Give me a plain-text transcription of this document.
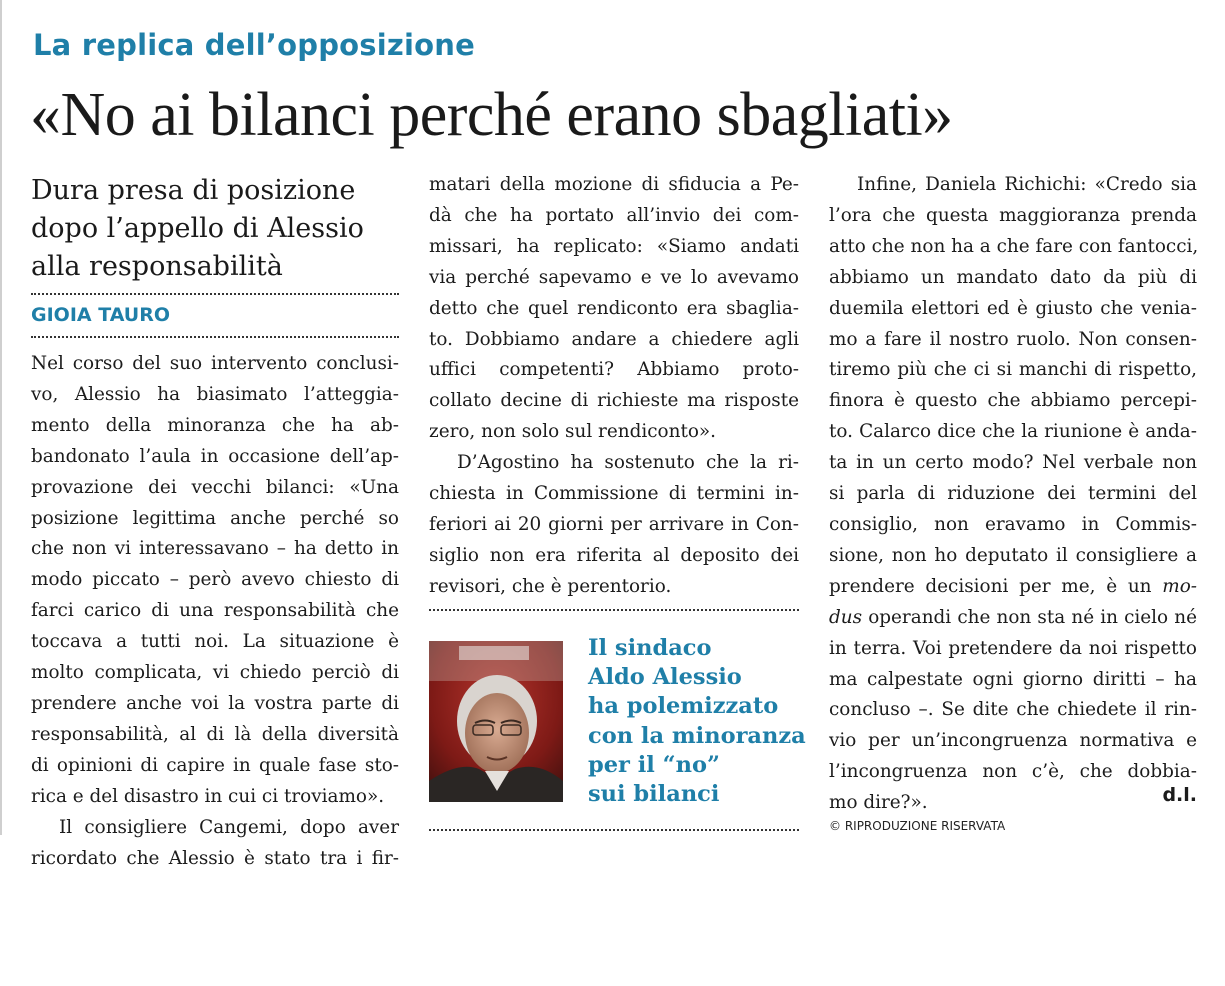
La replica dell’opposizione
«No ai bilanci perché erano sbagliati»
Dura presa di posizione
dopo l’appello di Alessio
alla responsabilità

GIOIA TAURO

Nel corso del suo intervento conclusi-

vo, Alessio ha biasimato l’atteggia-

mento della minoranza che ha ab-

bandonato l’aula in occasione dell’ap-

provazione dei vecchi bilanci: «Una

posizione legittima anche perché so

che non vi interessavano – ha detto in

modo piccato – però avevo chiesto di

farci carico di una responsabilità che

toccava a tutti noi. La situazione è

molto complicata, vi chiedo perciò di

prendere anche voi la vostra parte di

responsabilità, al di là della diversità

di opinioni di capire in quale fase sto-

rica e del disastro in cui ci troviamo».

Il consigliere Cangemi, dopo aver

ricordato che Alessio è stato tra i fir-

matari della mozione di sfiducia a Pe-

dà che ha portato all’invio dei com-

missari, ha replicato: «Siamo andati

via perché sapevamo e ve lo avevamo

detto che quel rendiconto era sbaglia-

to. Dobbiamo andare a chiedere agli

uffici competenti? Abbiamo proto-

collato decine di richieste ma risposte

zero, non solo sul rendiconto».

D’Agostino ha sostenuto che la ri-

chiesta in Commissione di termini in-

feriori ai 20 giorni per arrivare in Con-

siglio non era riferita al deposito dei

revisori, che è perentorio.

Il sindaco
Aldo Alessio
ha polemizzato
con la minoranza
per il “no”
sui bilanci

Infine, Daniela Richichi: «Credo sia

l’ora che questa maggioranza prenda

atto che non ha a che fare con fantocci,

abbiamo un mandato dato da più di

duemila elettori ed è giusto che venia-

mo a fare il nostro ruolo. Non consen-

tiremo più che ci si manchi di rispetto,

finora è questo che abbiamo percepi-

to. Calarco dice che la riunione è anda-

ta in un certo modo? Nel verbale non

si parla di riduzione dei termini del

consiglio, non eravamo in Commis-

sione, non ho deputato il consigliere a

prendere decisioni per me, è un mo-

dus operandi che non sta né in cielo né

in terra. Voi pretendere da noi rispetto

ma calpestate ogni giorno diritti – ha

concluso –. Se dite che chiedete il rin-

vio per un’incongruenza normativa e

l’incongruenza non c’è, che dobbia-

mo dire?».	d.l.

© RIPRODUZIONE RISERVATA
